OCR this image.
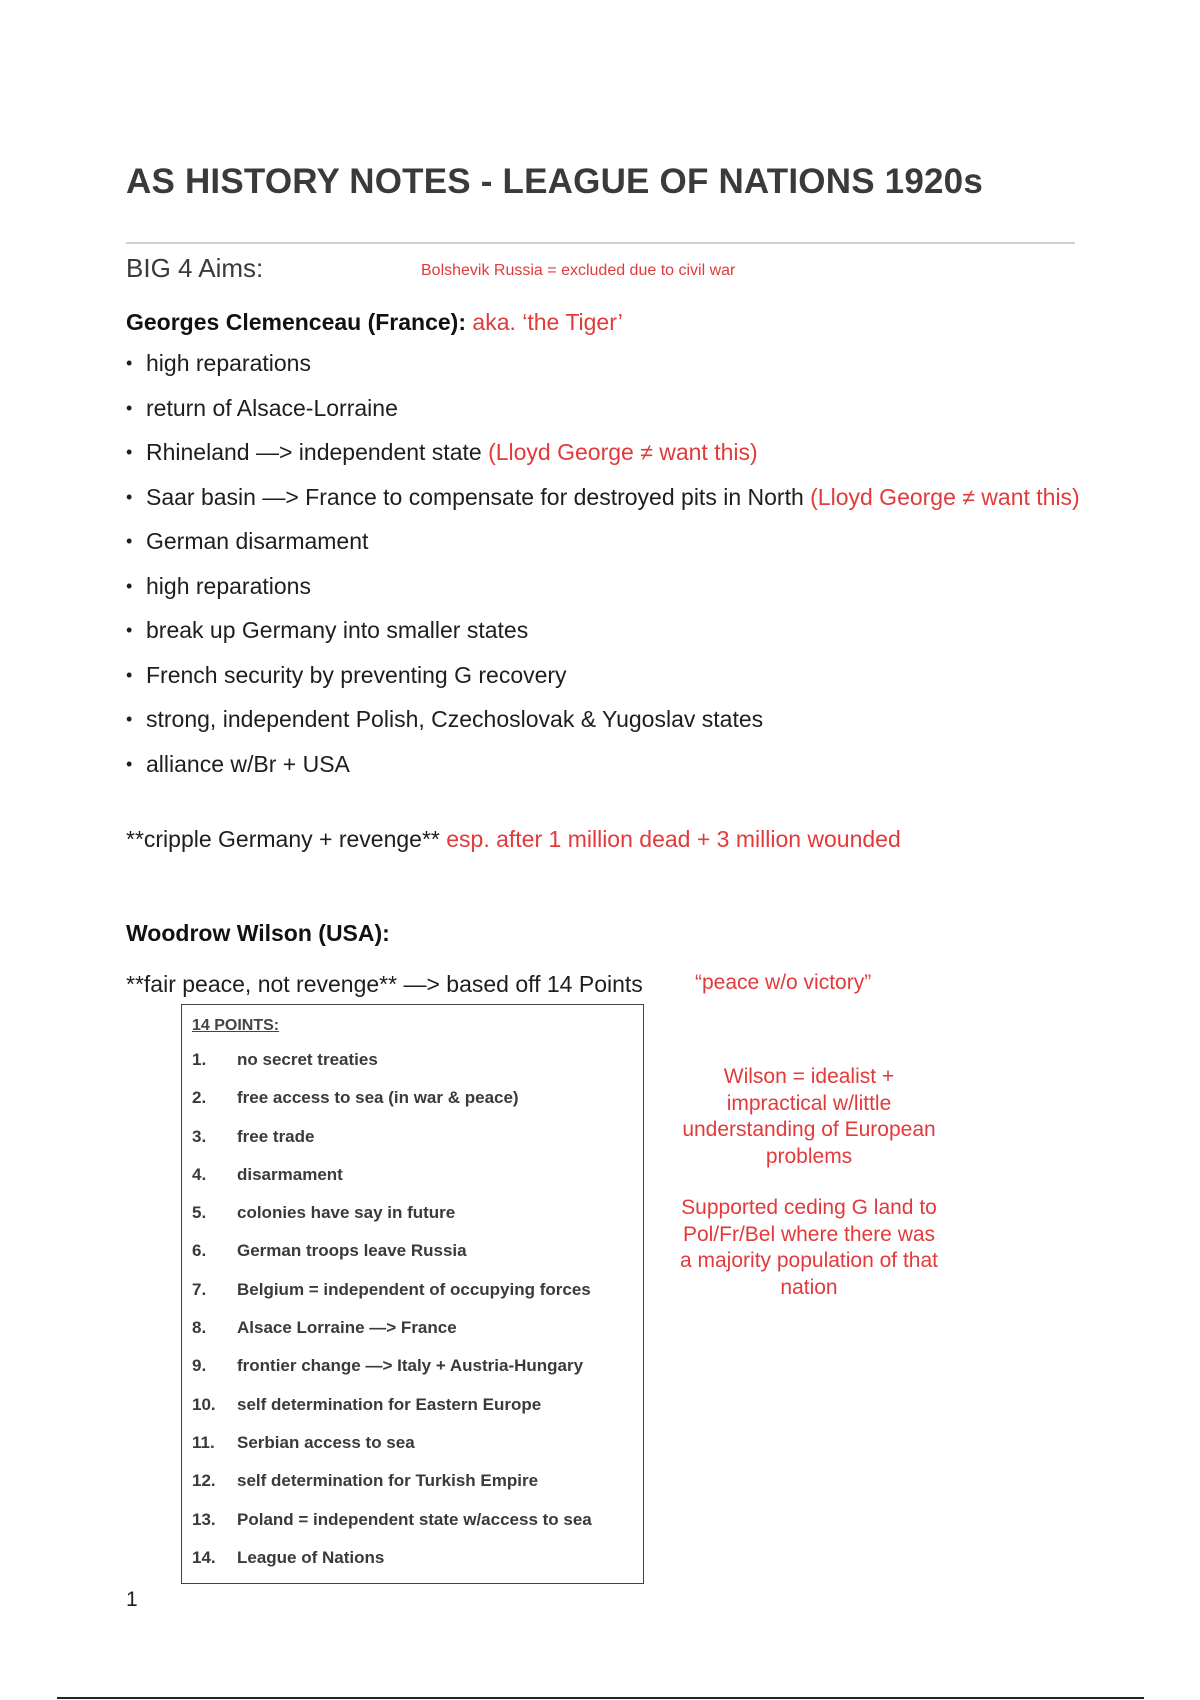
AS HISTORY NOTES - LEAGUE OF NATIONS 1920s
BIG 4 Aims:	Bolshevik Russia = excluded due to civil war
Georges Clemenceau (France): aka. ‘the Tiger’
• high reparations
• return of Alsace-Lorraine
• Rhineland —> independent state (Lloyd George ≠ want this)
• Saar basin —> France to compensate for destroyed pits in North (Lloyd George ≠ want this)
• German disarmament
• high reparations
• break up Germany into smaller states
• French security by preventing G recovery
• strong, independent Polish, Czechoslovak & Yugoslav states
• alliance w/Br + USA
**cripple Germany + revenge** esp. after 1 million dead + 3 million wounded
Woodrow Wilson (USA):
**fair peace, not revenge** —> based off 14 Points “peace w/o victory”
14 POINTS:
1. no secret treaties
2. free access to sea (in war & peace)
3. free trade
4. disarmament
5. colonies have say in future
6. German troops leave Russia
7. Belgium = independent of occupying forces
8. Alsace Lorraine —> France
9. frontier change —> Italy + Austria-Hungary
10. self determination for Eastern Europe
11. Serbian access to sea
12. self determination for Turkish Empire
13. Poland = independent state w/access to sea
14. League of Nations
Wilson = idealist + impractical w/little understanding of European problems
Supported ceding G land to Pol/Fr/Bel where there was a majority population of that nation
1
